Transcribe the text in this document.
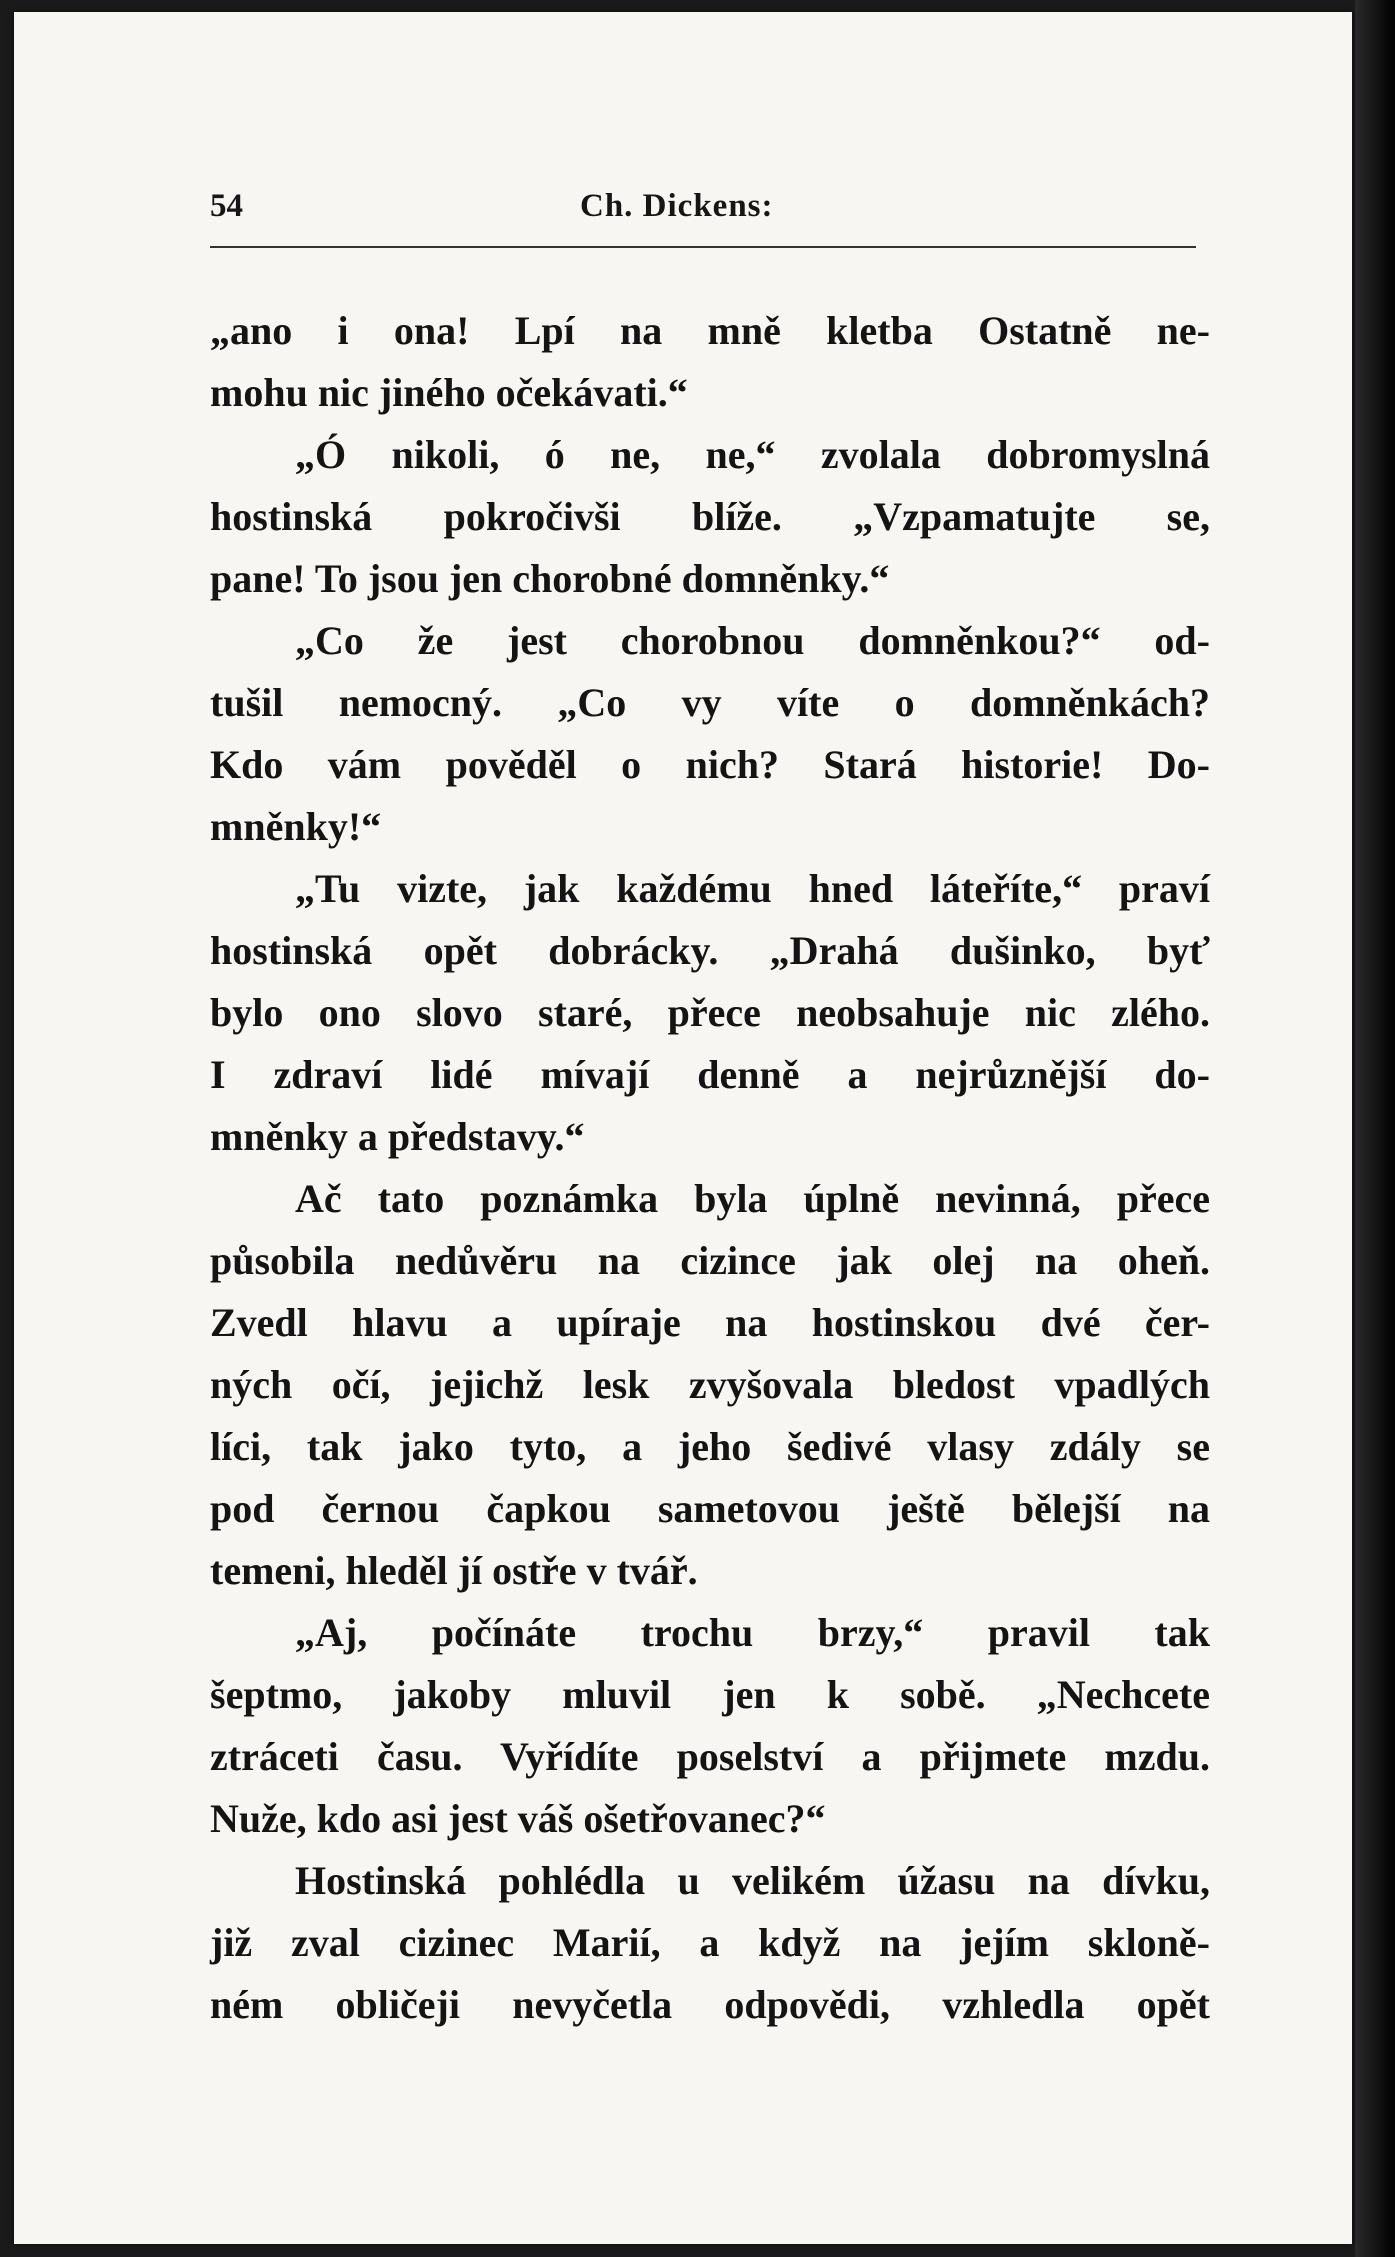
54	Ch. Dickens:
„ano i ona! Lpí na mně kletba Ostatně ne-
mohu nic jiného očekávati.“
„Ó nikoli, ó ne, ne,“ zvolala dobromyslná
hostinská pokročivši blíže. „Vzpamatujte se,
pane! To jsou jen chorobné domněnky.“
„Co že jest chorobnou domněnkou?“ od-
tušil nemocný. „Co vy víte o domněnkách?
Kdo vám pověděl o nich? Stará historie! Do-
mněnky!“
„Tu vizte, jak každému hned láteříte,“ praví
hostinská opět dobrácky. „Drahá dušinko, byť
bylo ono slovo staré, přece neobsahuje nic zlého.
I zdraví lidé mívají denně a nejrůznější do-
mněnky a představy.“
Ač tato poznámka byla úplně nevinná, přece
působila nedůvěru na cizince jak olej na oheň.
Zvedl hlavu a upíraje na hostinskou dvé čer-
ných očí, jejichž lesk zvyšovala bledost vpadlých
líci, tak jako tyto, a jeho šedivé vlasy zdály se
pod černou čapkou sametovou ještě bělejší na
temeni, hleděl jí ostře v tvář.
„Aj, počínáte trochu brzy,“ pravil tak
šeptmo, jakoby mluvil jen k sobě. „Nechcete
ztráceti času. Vyřídíte poselství a přijmete mzdu.
Nuže, kdo asi jest váš ošetřovanec?“
Hostinská pohlédla u velikém úžasu na dívku,
již zval cizinec Marií, a když na jejím skloně-
ném obličeji nevyčetla odpovědi, vzhledla opět
